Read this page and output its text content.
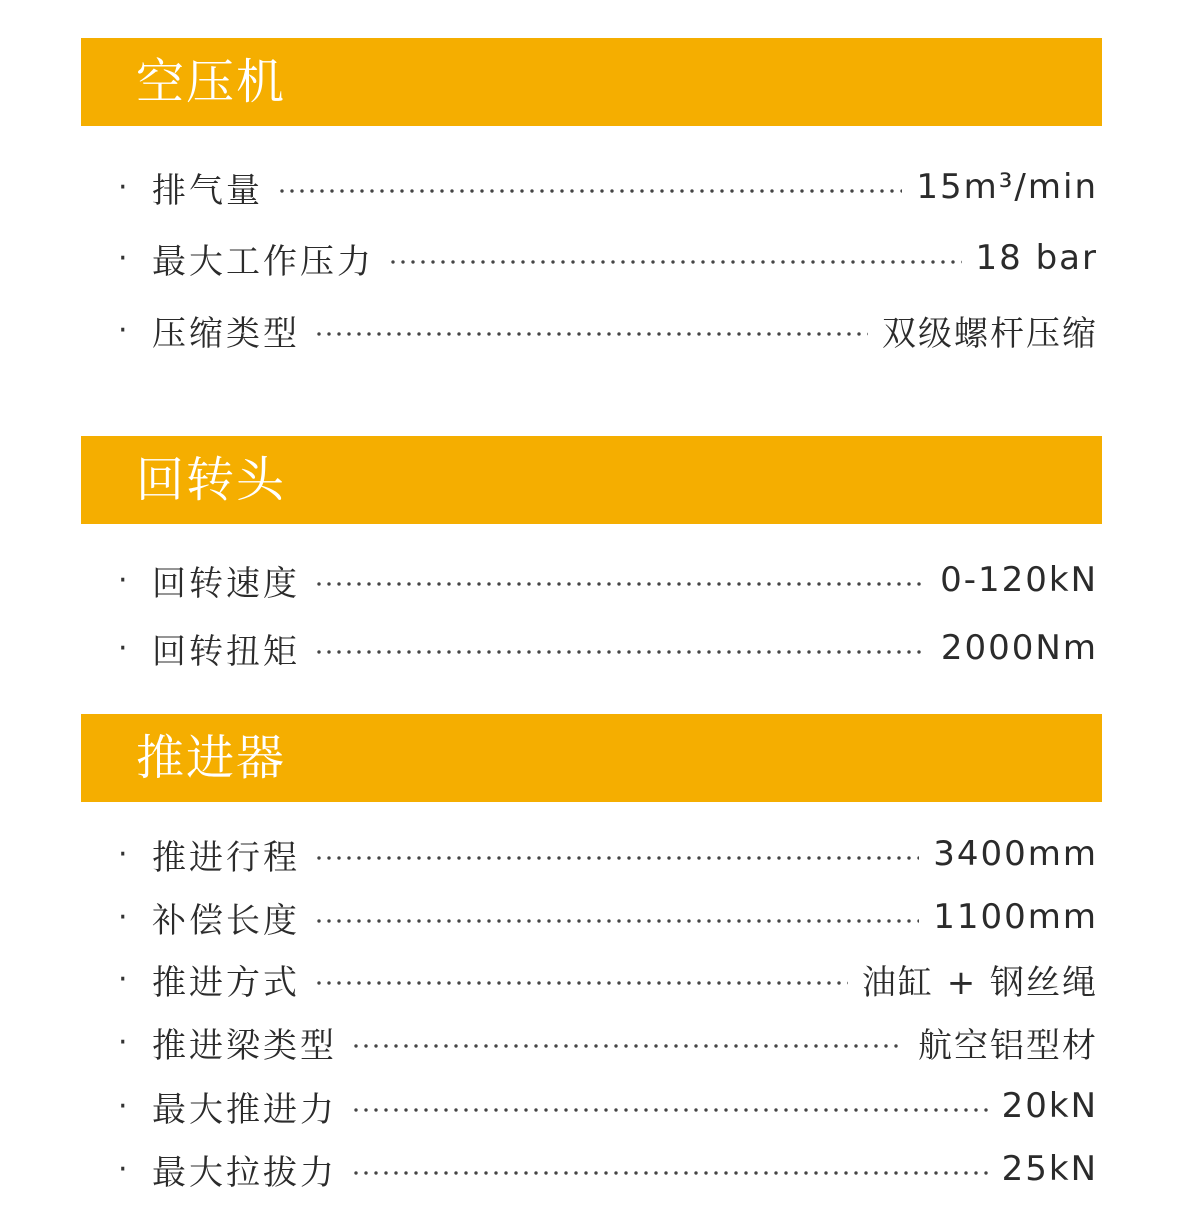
空压机
· 排气量	15m³/min
· 最大工作压力	18 bar
· 压缩类型	双级螺杆压缩
回转头
· 回转速度	0-120kN
· 回转扭矩	2000Nm
推进器
· 推进行程	3400mm
· 补偿长度	1100mm
· 推进方式	油缸 + 钢丝绳
· 推进梁类型	航空铝型材
· 最大推进力	20kN
· 最大拉拔力	25kN
